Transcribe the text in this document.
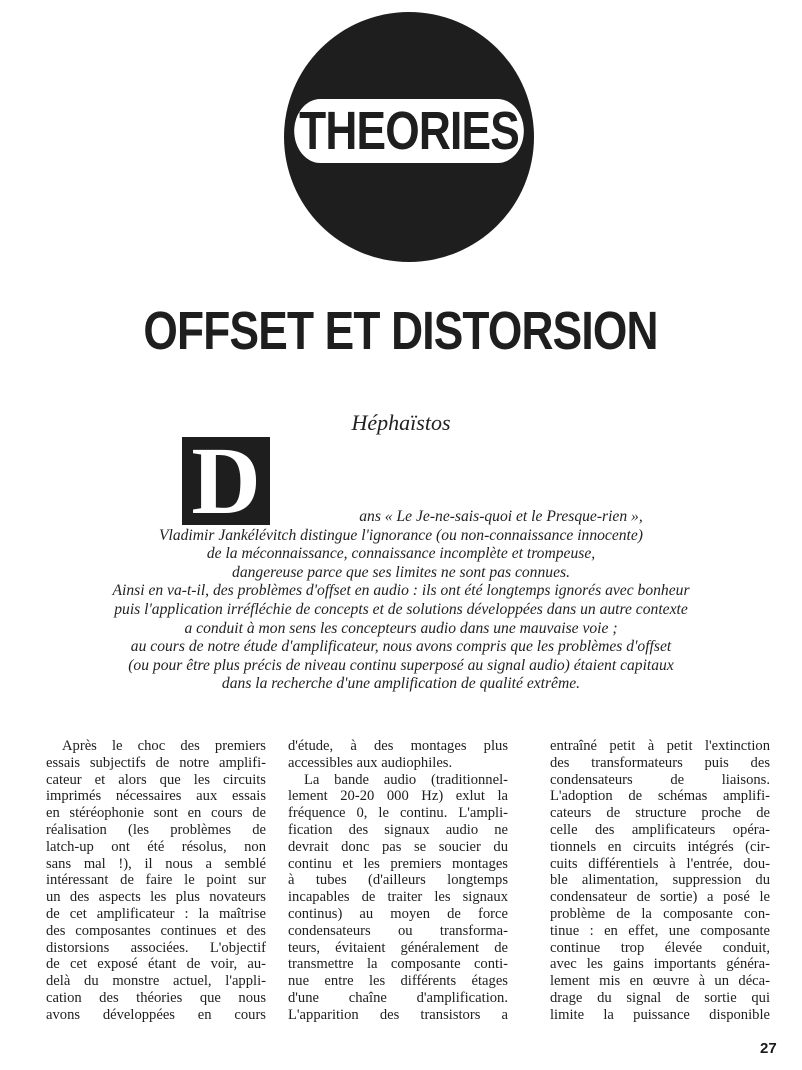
THEORIES
OFFSET ET DISTORSION
Héphaïstos
D	ans « Le Je-ne-sais-quoi et le Presque-rien »,
Vladimir Jankélévitch distingue l'ignorance (ou non-connaissance innocente)
de la méconnaissance, connaissance incomplète et trompeuse,
dangereuse parce que ses limites ne sont pas connues.
Ainsi en va-t-il, des problèmes d'offset en audio : ils ont été longtemps ignorés avec bonheur
puis l'application irréfléchie de concepts et de solutions développées dans un autre contexte
a conduit à mon sens les concepteurs audio dans une mauvaise voie ;
au cours de notre étude d'amplificateur, nous avons compris que les problèmes d'offset
(ou pour être plus précis de niveau continu superposé au signal audio) étaient capitaux
dans la recherche d'une amplification de qualité extrême.
Après le choc des premiers
essais subjectifs de notre amplifi-
cateur et alors que les circuits
imprimés nécessaires aux essais
en stéréophonie sont en cours de
réalisation (les problèmes de
latch-up ont été résolus, non
sans mal !), il nous a semblé
intéressant de faire le point sur
un des aspects les plus novateurs
de cet amplificateur : la maîtrise
des composantes continues et des
distorsions associées. L'objectif
de cet exposé étant de voir, au-
delà du monstre actuel, l'appli-
cation des théories que nous
avons développées en cours
d'étude, à des montages plus
accessibles aux audiophiles.
La bande audio (traditionnel-
lement 20-20 000 Hz) exlut la
fréquence 0, le continu. L'ampli-
fication des signaux audio ne
devrait donc pas se soucier du
continu et les premiers montages
à tubes (d'ailleurs longtemps
incapables de traiter les signaux
continus) au moyen de force
condensateurs ou transforma-
teurs, évitaient généralement de
transmettre la composante conti-
nue entre les différents étages
d'une chaîne d'amplification.
L'apparition des transistors a
entraîné petit à petit l'extinction
des transformateurs puis des
condensateurs de liaisons.
L'adoption de schémas amplifi-
cateurs de structure proche de
celle des amplificateurs opéra-
tionnels en circuits intégrés (cir-
cuits différentiels à l'entrée, dou-
ble alimentation, suppression du
condensateur de sortie) a posé le
problème de la composante con-
tinue : en effet, une composante
continue trop élevée conduit,
avec les gains importants généra-
lement mis en œuvre à un déca-
drage du signal de sortie qui
limite la puissance disponible
27
